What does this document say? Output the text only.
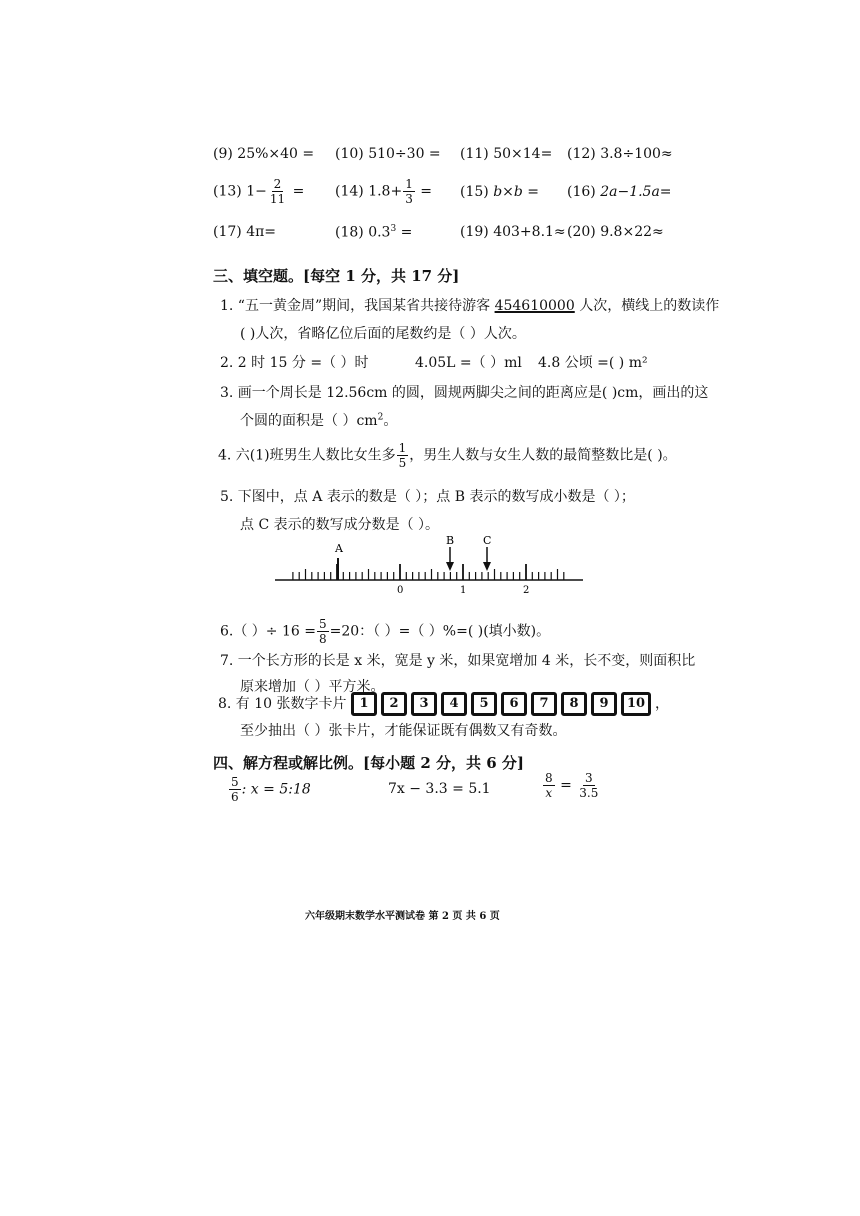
(9) 25%×40 = (10) 510÷30 = (11) 50×14= (12) 3.8÷100≈
(13) $1- \frac{2}{11} = (14)$ $1.8+ \frac{1}{3} = (15) b\times b = (16)$ 2a−1.5a=
(17) 4π=	(18) $0.3^3$ =	(19) 403+8.1≈ (20) 9.8×22≈
三、填空题。[每空 1 分，共 17 分]
1. “五一黄金周”期间，我国某省共接待游客 454610000 人次，横线上的数读作
( )人次，省略亿位后面的尾数约是（ ）人次。
2. 2 时 15 分 =（ ）时	4.05L =（ ）ml 4.8 公顷 =( ) m²
3. 画一个周长是 12.56cm 的圆，圆规两脚尖之间的距离应是( )cm，画出的这
个圆的面积是（ ）$cm^2$。
4. 六(1)班男生人数比女生多 $\frac{1}{5}$ ，男生人数与女生人数的最简整数比是( )。
5. 下图中，点 A 表示的数是（ ）；点 B 表示的数写成小数是（ ）；
点 C 表示的数写成分数是（ ）。
A
B	C
0	1	2
6.（ ）÷ $16 = \frac{5}{8} =20$：（ ）=（ ）%=( )(填小数)。
7. 一个长方形的长是 x 米，宽是 y 米，如果宽增加 4 米，长不变，则面积比
原来增加（ ）平方米。
8. 有 10 张数字卡片 1 2 3 4 5 6 7 8 9 10 ，
至少抽出（ ）张卡片，才能保证既有偶数又有奇数。
四、解方程或解比例。[每小题 2 分，共 6 分]
$\frac{5}{6}$ : x = 5:18	7x − 3.3 = 5.1	$\frac{8}{x} = \frac{3}{3.5}$
六年级期末数学水平测试卷 第 2 页 共 6 页
